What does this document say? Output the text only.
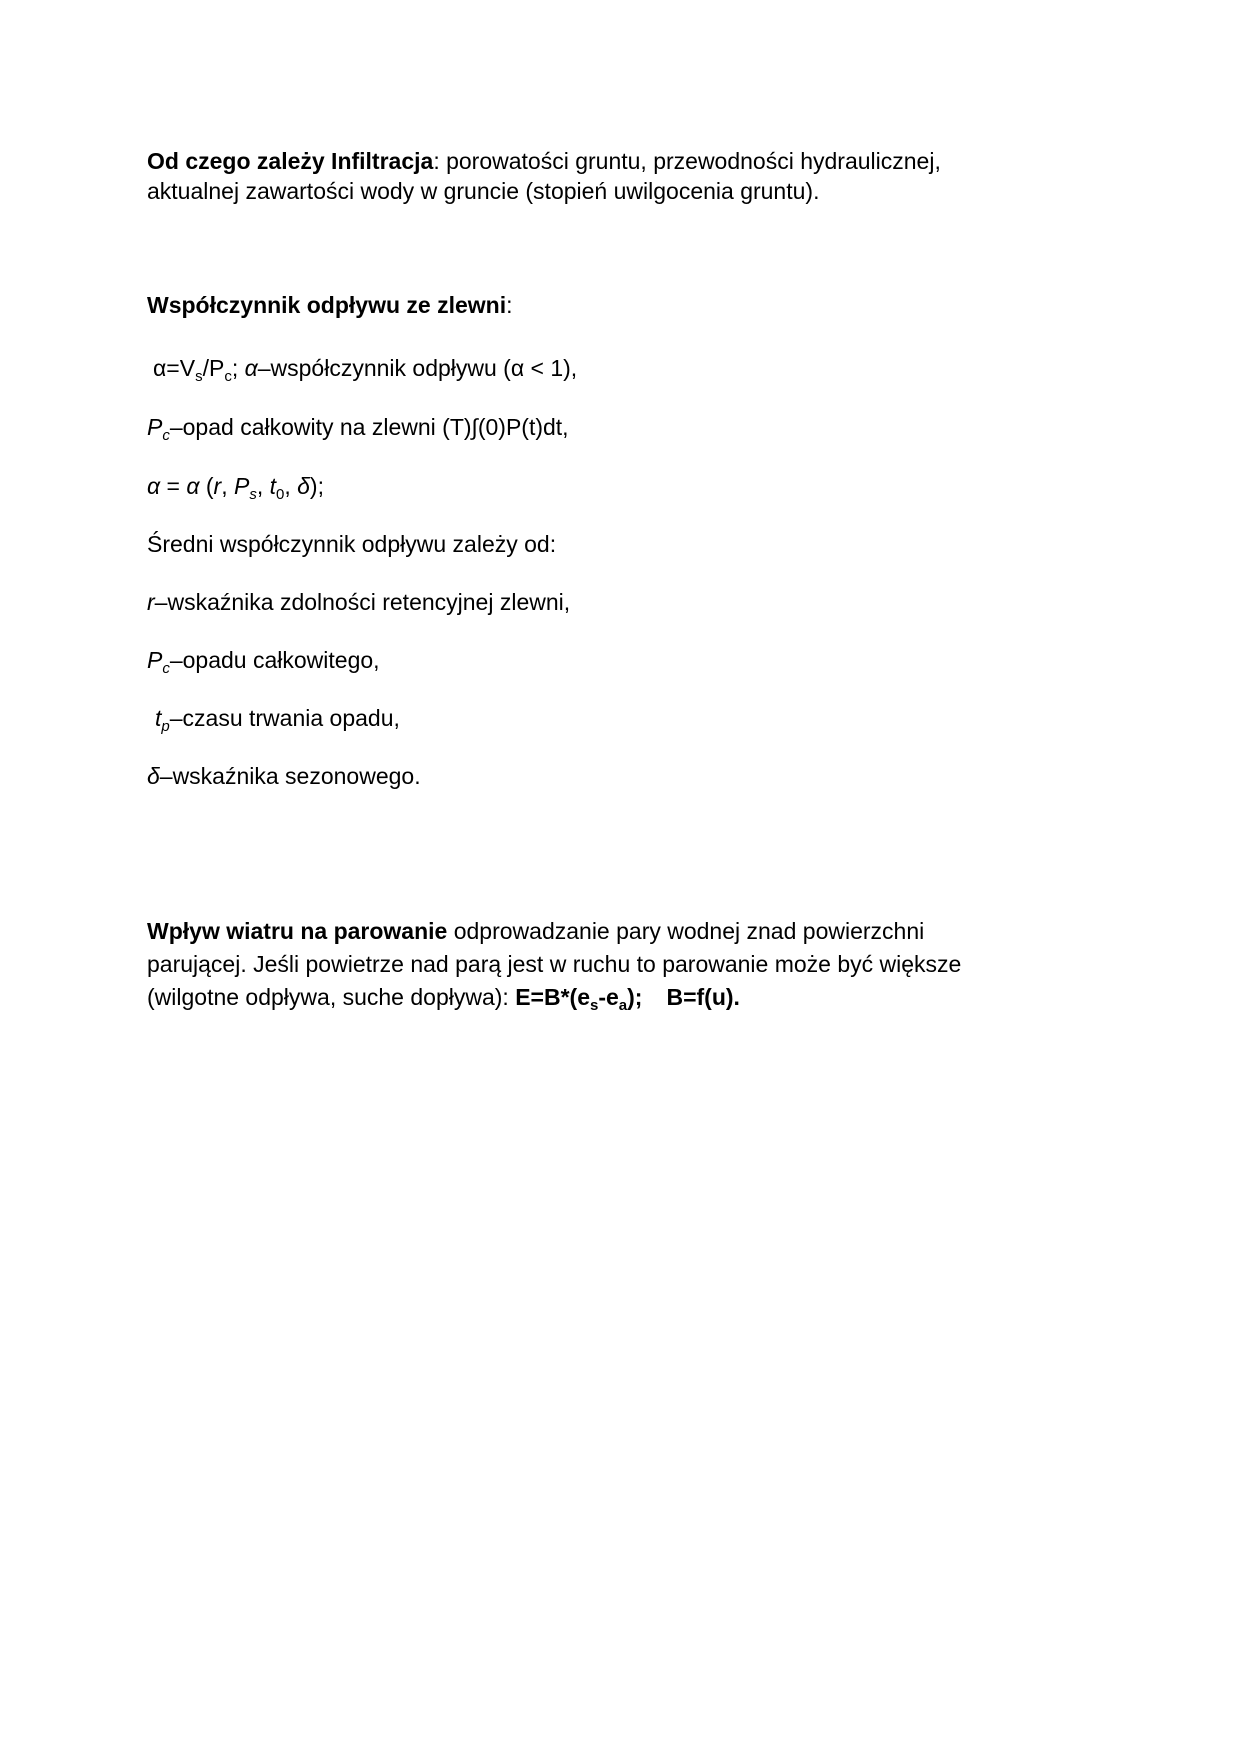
Od czego zależy Infiltracja: porowatości gruntu, przewodności hydraulicznej,
aktualnej zawartości wody w gruncie (stopień uwilgocenia gruntu).
Współczynnik odpływu ze zlewni:
$\alpha=V_s/P_c$; α–współczynnik odpływu (α < 1),
$P_c$–opad całkowity na zlewni (T)∫(0)P(t)dt,
α = α (r, $P_s$, $t_0$, δ);
Średni współczynnik odpływu zależy od:
r–wskaźnika zdolności retencyjnej zlewni,
$P_c$–opadu całkowitego,
$t_p$–czasu trwania opadu,
δ–wskaźnika sezonowego.
Wpływ wiatru na parowanie odprowadzanie pary wodnej znad powierzchni
parującej. Jeśli powietrze nad parą jest w ruchu to parowanie może być większe
(wilgotne odpływa, suche dopływa): $E=B*(e_s-e_a)$; B=f(u).
